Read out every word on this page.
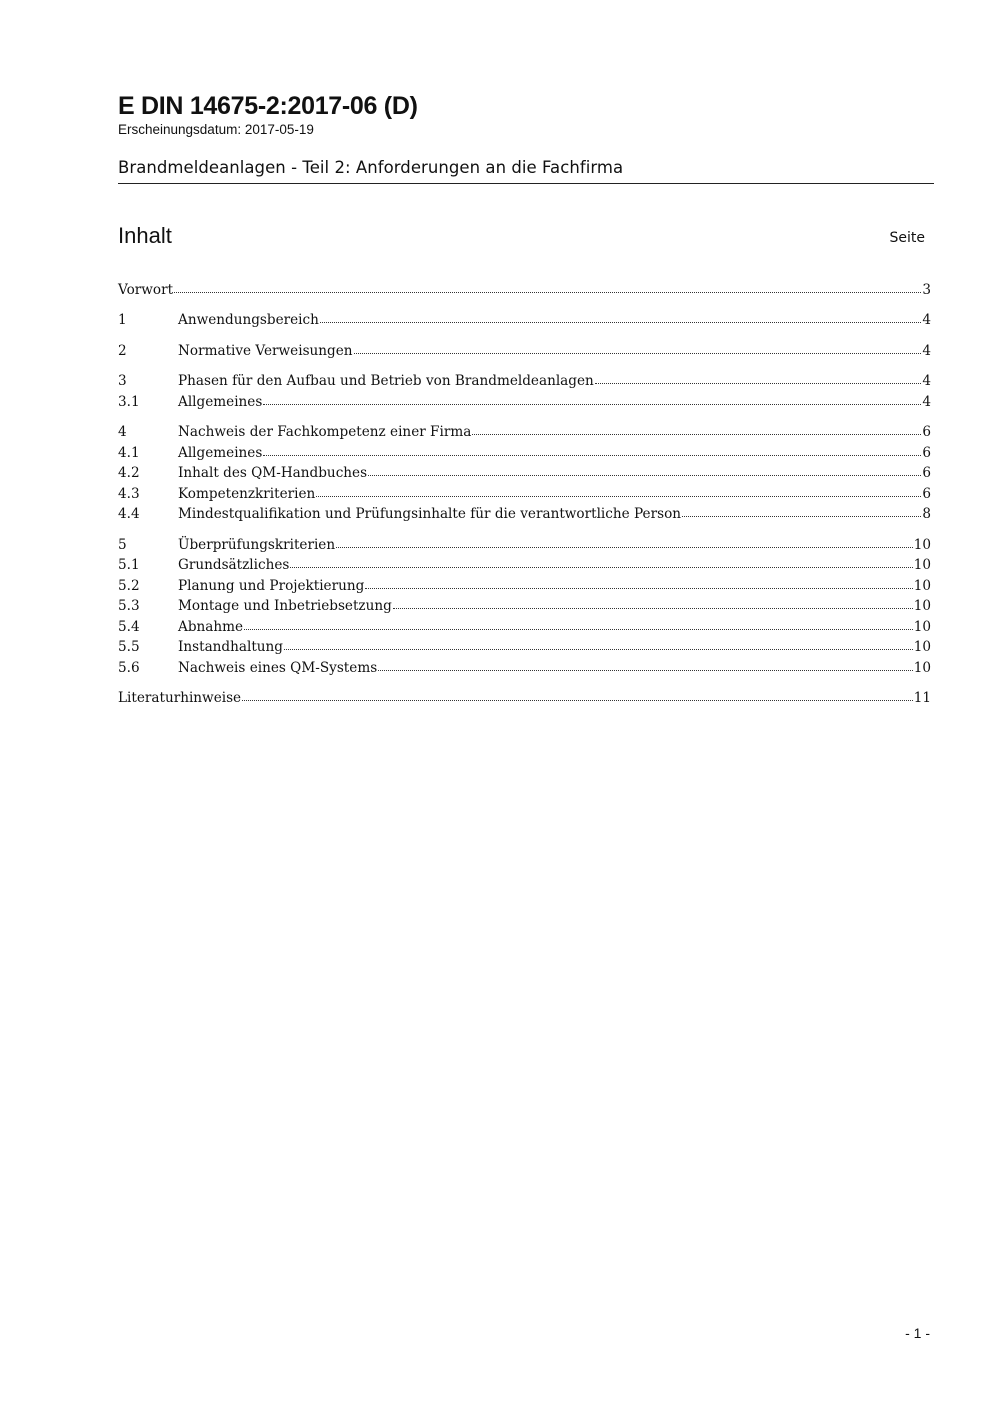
E DIN 14675-2:2017-06 (D)
Erscheinungsdatum: 2017-05-19
Brandmeldeanlagen - Teil 2: Anforderungen an die Fachfirma
Inhalt	Seite
Vorwort	3
1	Anwendungsbereich	4
2	Normative Verweisungen	4
3	Phasen für den Aufbau und Betrieb von Brandmeldeanlagen	4
3.1	Allgemeines	4
4	Nachweis der Fachkompetenz einer Firma	6
4.1	Allgemeines	6
4.2	Inhalt des QM-Handbuches	6
4.3	Kompetenzkriterien	6
4.4	Mindestqualifikation und Prüfungsinhalte für die verantwortliche Person	8
5	Überprüfungskriterien	10
5.1	Grundsätzliches	10
5.2	Planung und Projektierung	10
5.3	Montage und Inbetriebsetzung	10
5.4	Abnahme	10
5.5	Instandhaltung	10
5.6	Nachweis eines QM-Systems	10
Literaturhinweise	11
- 1 -
